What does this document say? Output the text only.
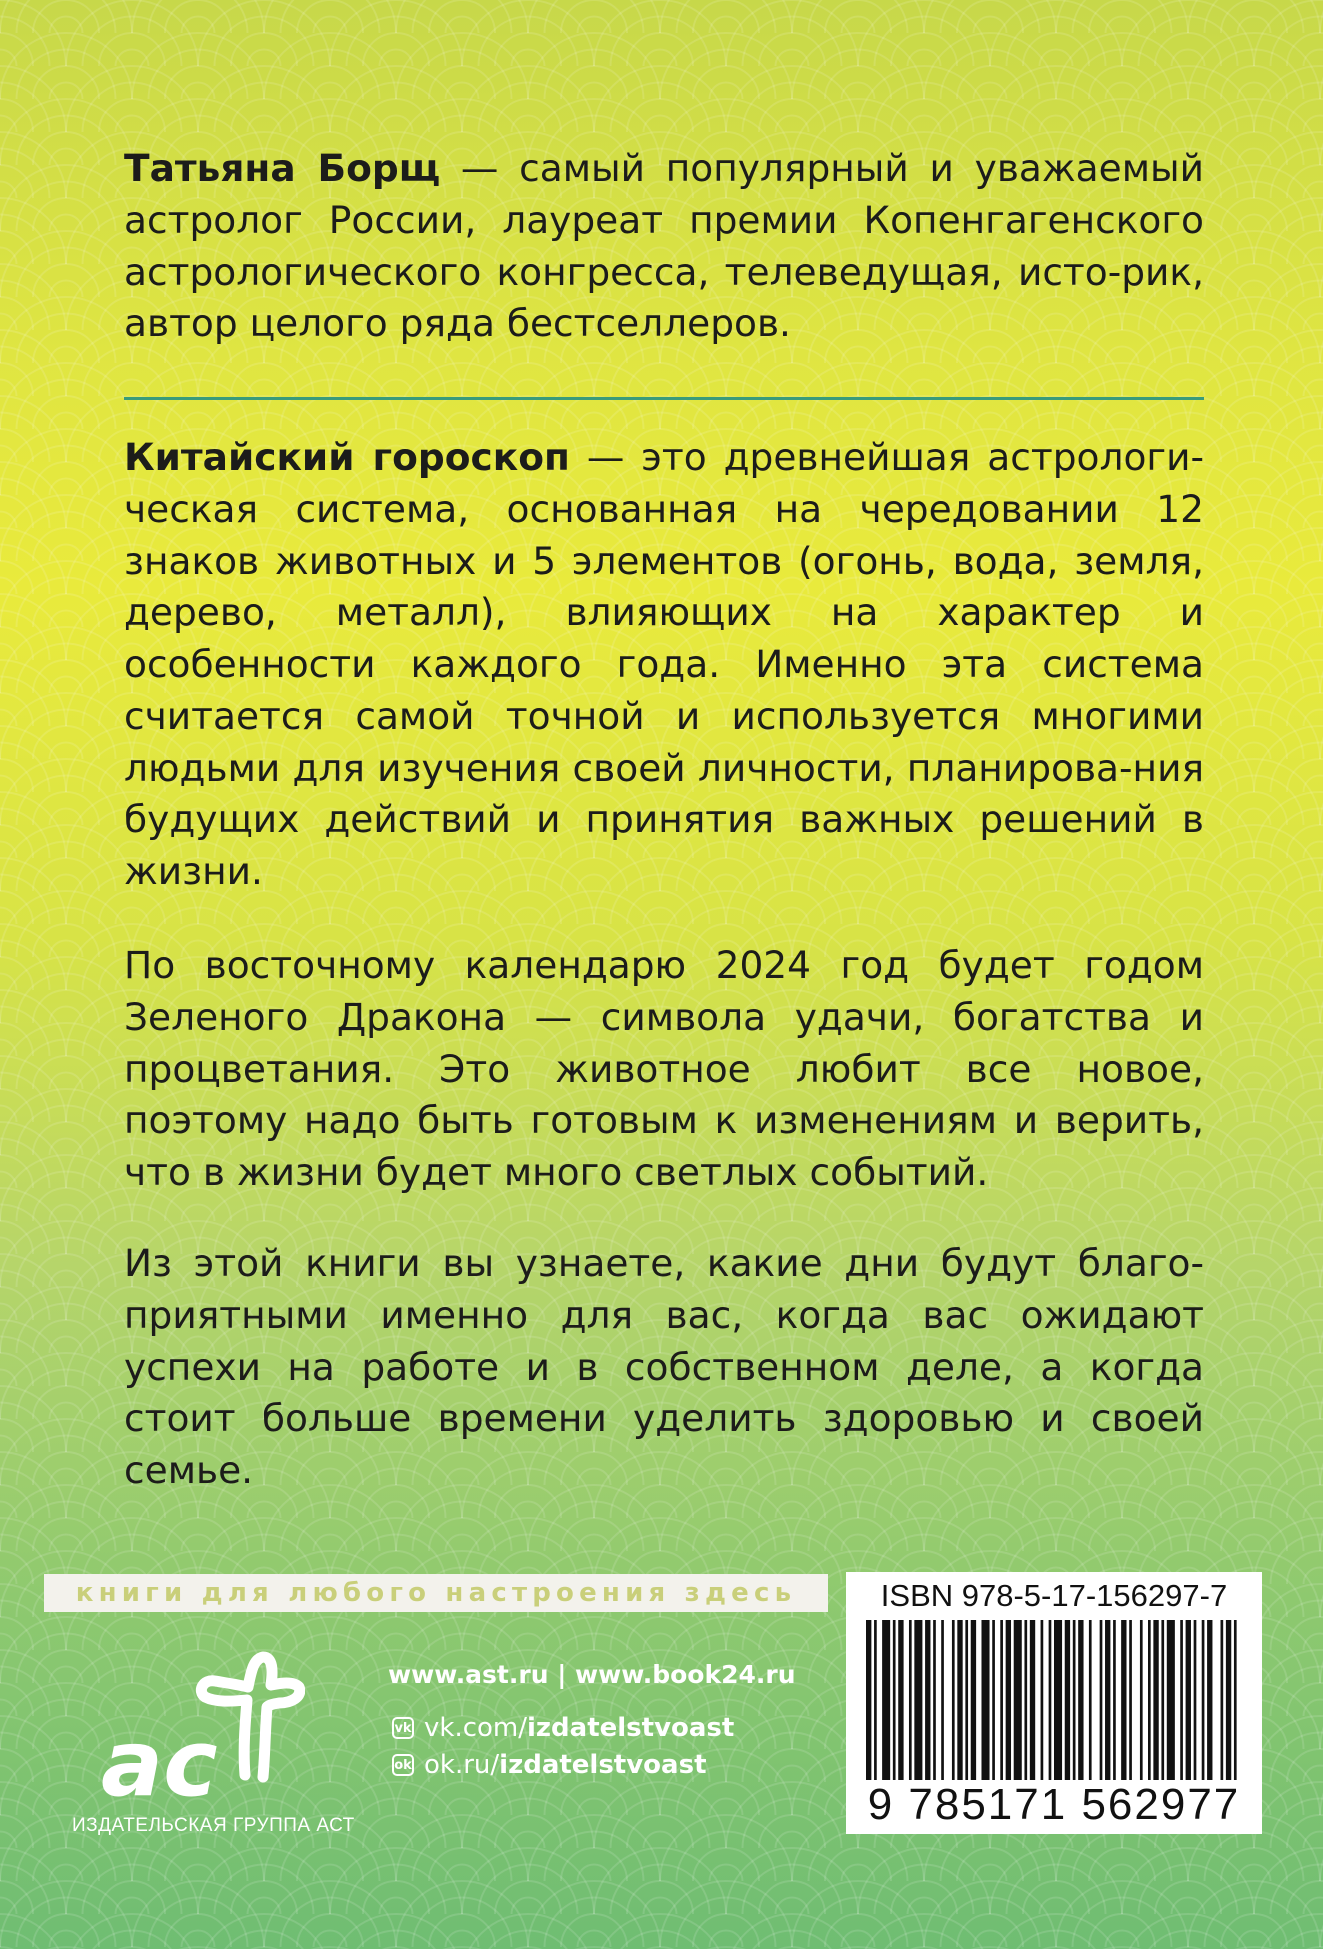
Татьяна Борщ — самый популярный и уважаемый астролог России, лауреат премии Копенгагенского астрологического конгресса, телеведущая, исто-рик, автор целого ряда бестселлеров.
Китайский гороскоп — это древнейшая астрологи-ческая система, основанная на чередовании 12 знаков животных и 5 элементов (огонь, вода, земля, дерево, металл), влияющих на характер и особенности каждого года. Именно эта система считается самой точной и используется многими людьми для изучения своей личности, планирова-ния будущих действий и принятия важных решений в жизни.
По восточному календарю 2024 год будет годом Зеленого Дракона — символа удачи, богатства и процветания. Это животное любит все новое, поэтому надо быть готовым к изменениям и верить, что в жизни будет много светлых событий.
Из этой книги вы узнаете, какие дни будут благо-приятными именно для вас, когда вас ожидают успехи на работе и в собственном деле, а когда стоит больше времени уделить здоровью и своей семье.
книги для любого настроения здесь
ac
ИЗДАТЕЛЬСКАЯ ГРУППА АСТ
www.ast.ru | www.book24.ru
vk vk.com/izdatelstvoast
ok ok.ru/izdatelstvoast
ISBN 978-5-17-156297-7
9 785171 562977
